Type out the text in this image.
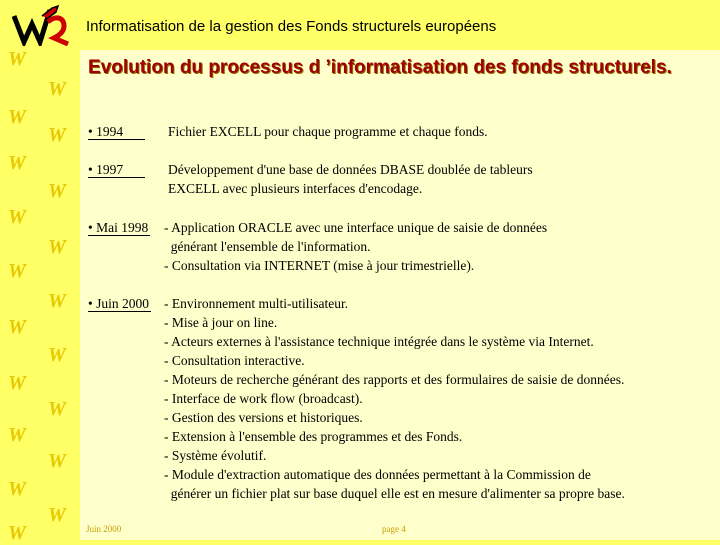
W
W
W
W
W
W
W
W
W
W
W
W
W
W
W
W
W
W
W
Informatisation de la gestion des Fonds structurels européens
Evolution du processus d ’informatisation des fonds structurels.
• 1994	Fichier EXCELL pour chaque programme et chaque fonds.
• 1997	Développement d'une base de données DBASE doublée de tableurs
EXCELL avec plusieurs interfaces d'encodage.
• Mai 1998 - Application ORACLE avec une interface unique de saisie de données
générant l'ensemble de l'information.
- Consultation via INTERNET (mise à jour trimestrielle).
• Juin 2000 - Environnement multi-utilisateur.
- Mise à jour on line.
- Acteurs externes à l'assistance technique intégrée dans le système via Internet.
- Consultation interactive.
- Moteurs de recherche générant des rapports et des formulaires de saisie de données.
- Interface de work flow (broadcast).
- Gestion des versions et historiques.
- Extension à l'ensemble des programmes et des Fonds.
- Système évolutif.
- Module d'extraction automatique des données permettant à la Commission de
générer un fichier plat sur base duquel elle est en mesure d'alimenter sa propre base.
Juin 2000	page 4
